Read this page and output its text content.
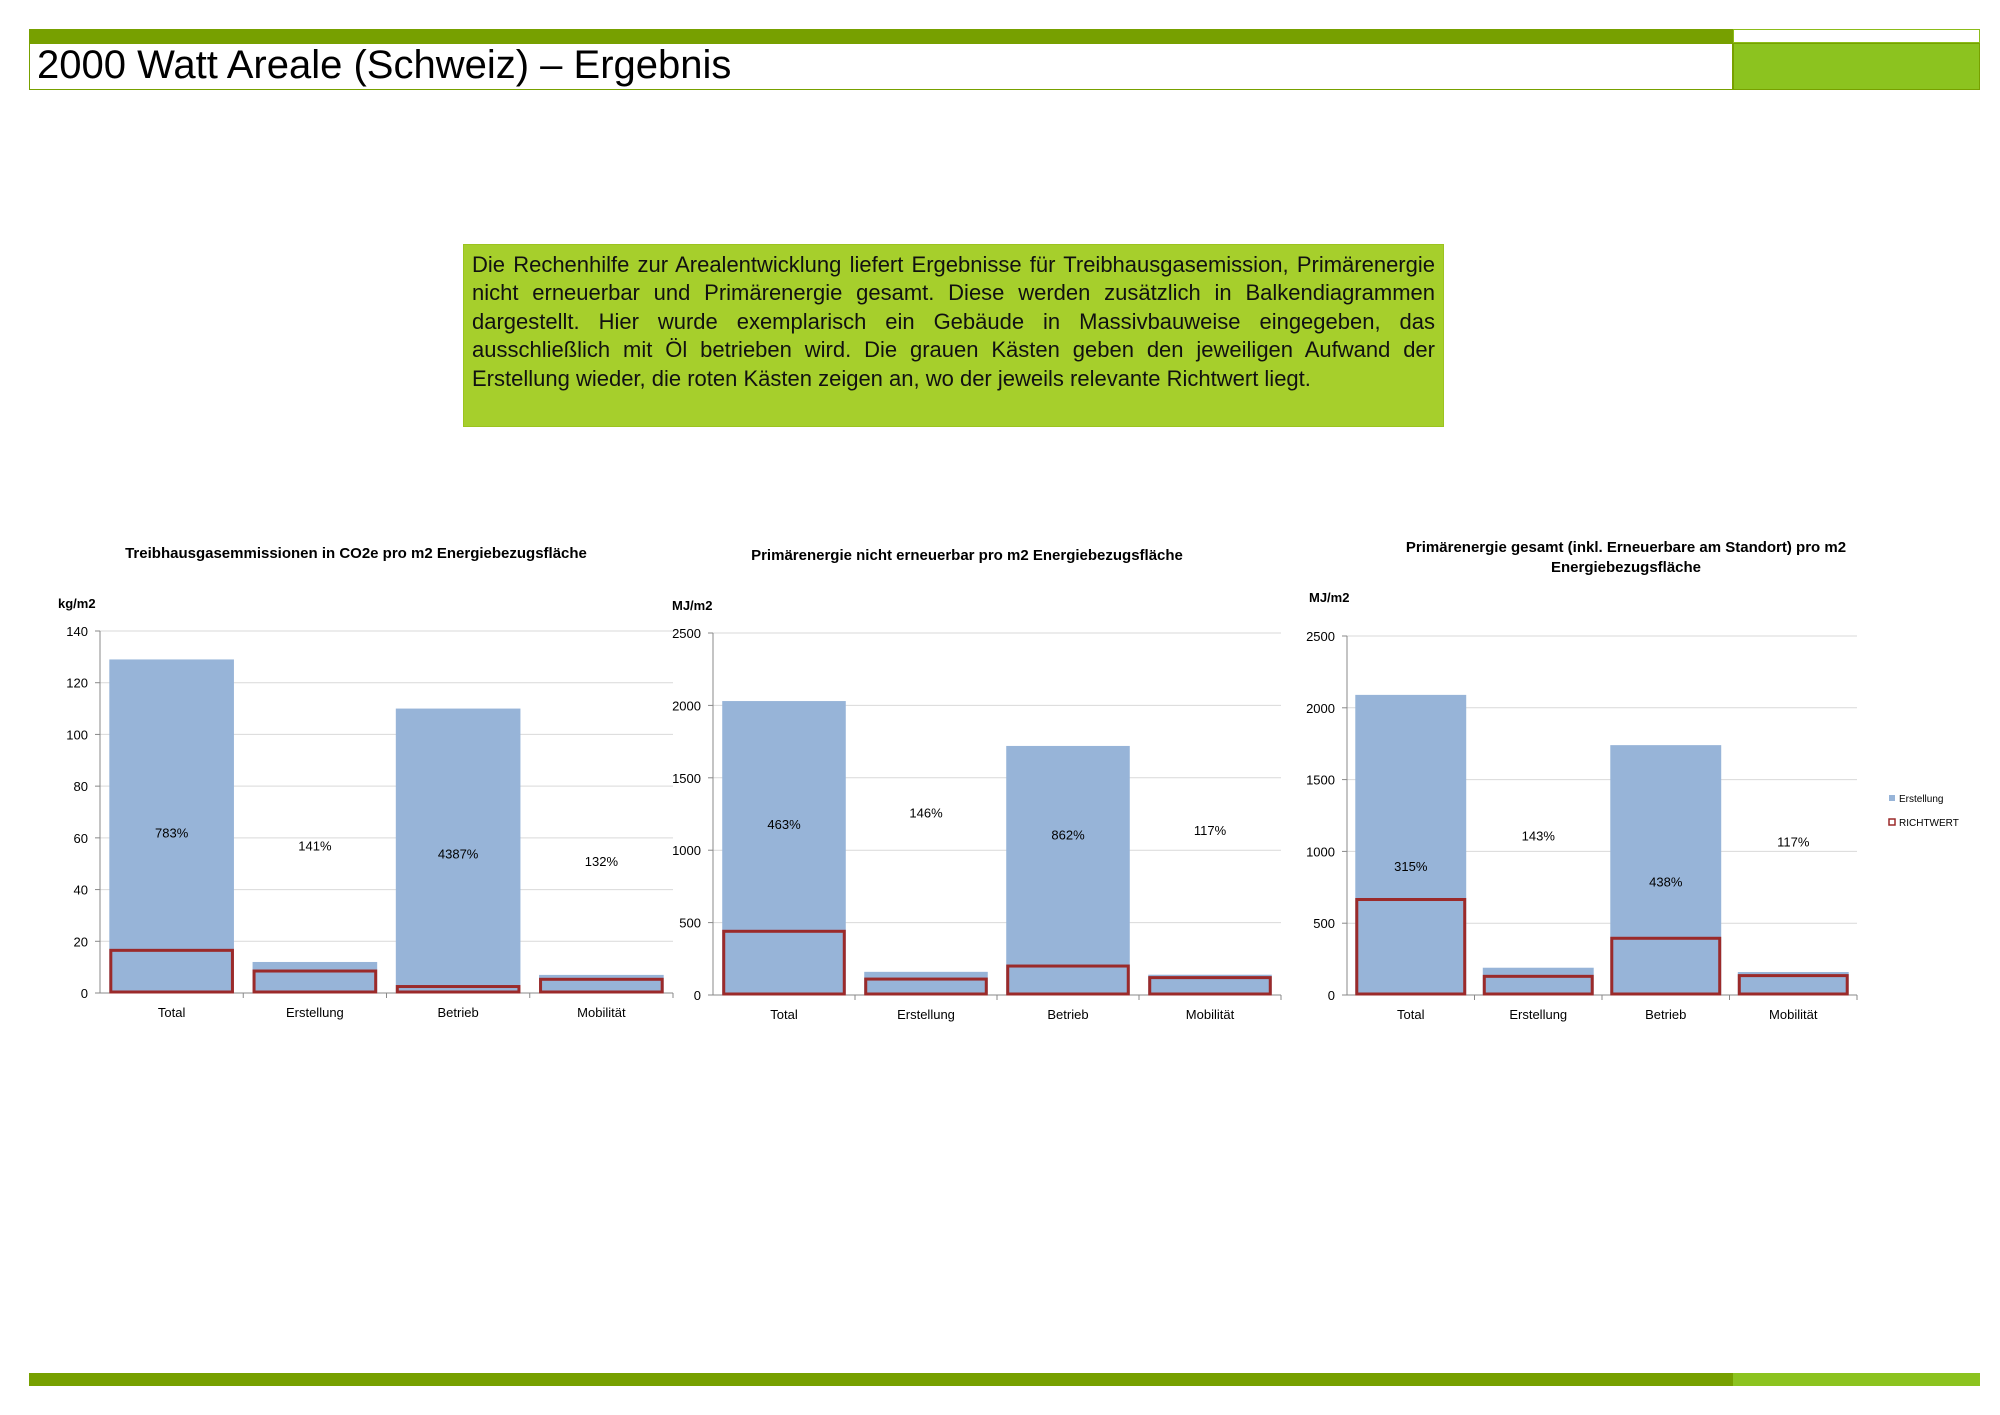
2000 Watt Areale (Schweiz) – Ergebnis
Die Rechenhilfe zur Arealentwicklung liefert Ergebnisse für Treibhausgasemission, Primärenergie nicht erneuerbar und Primärenergie gesamt. Diese werden zusätzlich in Balkendiagrammen dargestellt. Hier wurde exemplarisch ein Gebäude in Massivbauweise eingegeben, das ausschließlich mit Öl betrieben wird. Die grauen Kästen geben den jeweiligen Aufwand der Erstellung wieder, die roten Kästen zeigen an, wo der jeweils relevante Richtwert liegt.
Treibhausgasemmissionen in CO2e pro m2 Energiebezugsfläche
kg/m2
0
20
40
60
80
100
120
140
783%
Total
141%
Erstellung
4387%
Betrieb
132%
Mobilität
Primärenergie nicht erneuerbar pro m2 Energiebezugsfläche
MJ/m2
0
500
1000
1500
2000
2500
463%
Total
146%
Erstellung
862%
Betrieb
117%
Mobilität
Primärenergie gesamt (inkl. Erneuerbare am Standort) pro m2
Energiebezugsfläche
MJ/m2
0
500
1000
1500
2000
2500
315%
Total
143%
Erstellung
438%
Betrieb
117%
Mobilität
Erstellung
RICHTWERT
